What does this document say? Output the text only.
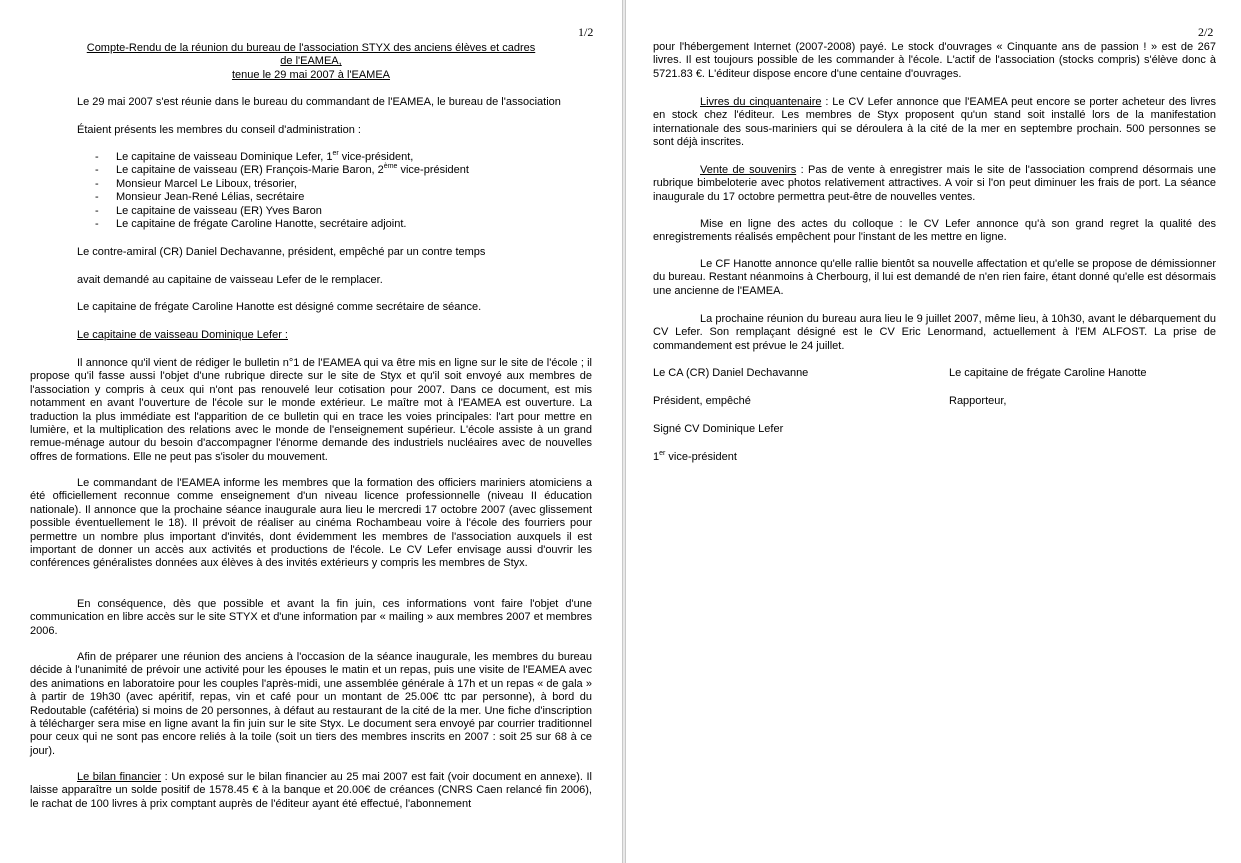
1/2

Compte-Rendu de la réunion du bureau de l'association STYX des anciens élèves et cadres

de l'EAMEA,

tenue le 29 mai 2007 à l'EAMEA

Le 29 mai 2007 s'est réunie dans le bureau du commandant de l'EAMEA, le bureau de l'association

Étaient présents les membres du conseil d'administration :

- Le capitaine de vaisseau Dominique Lefer, 1er vice-président,
- Le capitaine de vaisseau (ER) François-Marie Baron, 2ème vice-président
- Monsieur Marcel Le Liboux, trésorier,
- Monsieur Jean-René Lélias, secrétaire
- Le capitaine de vaisseau (ER) Yves Baron
- Le capitaine de frégate Caroline Hanotte, secrétaire adjoint.

Le contre-amiral (CR) Daniel Dechavanne, président, empêché par un contre temps

avait demandé au capitaine de vaisseau Lefer de le remplacer.

Le capitaine de frégate Caroline Hanotte est désigné comme secrétaire de séance.

Le capitaine de vaisseau Dominique Lefer :

Il annonce qu'il vient de rédiger le bulletin n°1 de l'EAMEA qui va être mis en ligne sur le site de l'école ; il propose qu'il fasse aussi l'objet d'une rubrique directe sur le site de Styx et qu'il soit envoyé aux membres de l'association y compris à ceux qui n'ont pas renouvelé leur cotisation pour 2007. Dans ce document, est mis notamment en avant l'ouverture de l'école sur le monde extérieur. Le maître mot à l'EAMEA est ouverture. La traduction la plus immédiate est l'apparition de ce bulletin qui en trace les voies principales: l'art pour mettre en lumière, et la multiplication des relations avec le monde de l'enseignement supérieur. L'école assiste à un grand remue-ménage autour du besoin d'accompagner l'énorme demande des industriels nucléaires avec de nouvelles offres de formations. Elle ne peut pas s'isoler du mouvement.

Le commandant de l'EAMEA informe les membres que la formation des officiers mariniers atomiciens a été officiellement reconnue comme enseignement d'un niveau licence professionnelle (niveau II éducation nationale). Il annonce que la prochaine séance inaugurale aura lieu le mercredi 17 octobre 2007 (avec glissement possible éventuellement le 18). Il prévoit de réaliser au cinéma Rochambeau voire à l'école des fourriers pour permettre un nombre plus important d'invités, dont évidemment les membres de l'association auxquels il est important de donner un accès aux activités et productions de l'école. Le CV Lefer envisage aussi d'ouvrir les conférences généralistes données aux élèves à des invités extérieurs y compris les membres de Styx.

En conséquence, dès que possible et avant la fin juin, ces informations vont faire l'objet d'une communication en libre accès sur le site STYX et d'une information par « mailing » aux membres 2007 et membres 2006.

Afin de préparer une réunion des anciens à l'occasion de la séance inaugurale, les membres du bureau décide à l'unanimité de prévoir une activité pour les épouses le matin et un repas, puis une visite de l'EAMEA avec des animations en laboratoire pour les couples l'après-midi, une assemblée générale à 17h et un repas « de gala » à partir de 19h30 (avec apéritif, repas, vin et café pour un montant de 25.00€ ttc par personne), à bord du Redoutable (cafétéria) si moins de 20 personnes, à défaut au restaurant de la cité de la mer. Une fiche d'inscription à télécharger sera mise en ligne avant la fin juin sur le site Styx. Le document sera envoyé par courrier traditionnel pour ceux qui ne sont pas encore reliés à la toile (soit un tiers des membres inscrits en 2007 : soit 25 sur 68 à ce jour).

Le bilan financier : Un exposé sur le bilan financier au 25 mai 2007 est fait (voir document en annexe). Il laisse apparaître un solde positif de 1578.45 € à la banque et 20.00€ de créances (CNRS Caen relancé fin 2006), le rachat de 100 livres à prix comptant auprès de l'éditeur ayant été effectué, l'abonnement

2/2

pour l'hébergement Internet (2007-2008) payé. Le stock d'ouvrages « Cinquante ans de passion ! » est de 267 livres. Il est toujours possible de les commander à l'école. L'actif de l'association (stocks compris) s'élève donc à 5721.83 €. L'éditeur dispose encore d'une centaine d'ouvrages.

Livres du cinquantenaire : Le CV Lefer annonce que l'EAMEA peut encore se porter acheteur des livres en stock chez l'éditeur. Les membres de Styx proposent qu'un stand soit installé lors de la manifestation internationale des sous-mariniers qui se déroulera à la cité de la mer en septembre prochain. 500 personnes se sont déjà inscrites.

Vente de souvenirs : Pas de vente à enregistrer mais le site de l'association comprend désormais une rubrique bimbeloterie avec photos relativement attractives. A voir si l'on peut diminuer les frais de port. La séance inaugurale du 17 octobre permettra peut-être de nouvelles ventes.

Mise en ligne des actes du colloque : le CV Lefer annonce qu'à son grand regret la qualité des enregistrements réalisés empêchent pour l'instant de les mettre en ligne.

Le CF Hanotte annonce qu'elle rallie bientôt sa nouvelle affectation et qu'elle se propose de démissionner du bureau. Restant néanmoins à Cherbourg, il lui est demandé de n'en rien faire, étant donné qu'elle est désormais une ancienne de l'EAMEA.

La prochaine réunion du bureau aura lieu le 9 juillet 2007, même lieu, à 10h30, avant le débarquement du CV Lefer. Son remplaçant désigné est le CV Eric Lenormand, actuellement à l'EM ALFOST. La prise de commandement est prévue le 24 juillet.

Le CA (CR) Daniel Dechavanne
Président, empêché
Signé CV Dominique Lefer
1er vice-président
Le capitaine de frégate Caroline Hanotte
Rapporteur,
